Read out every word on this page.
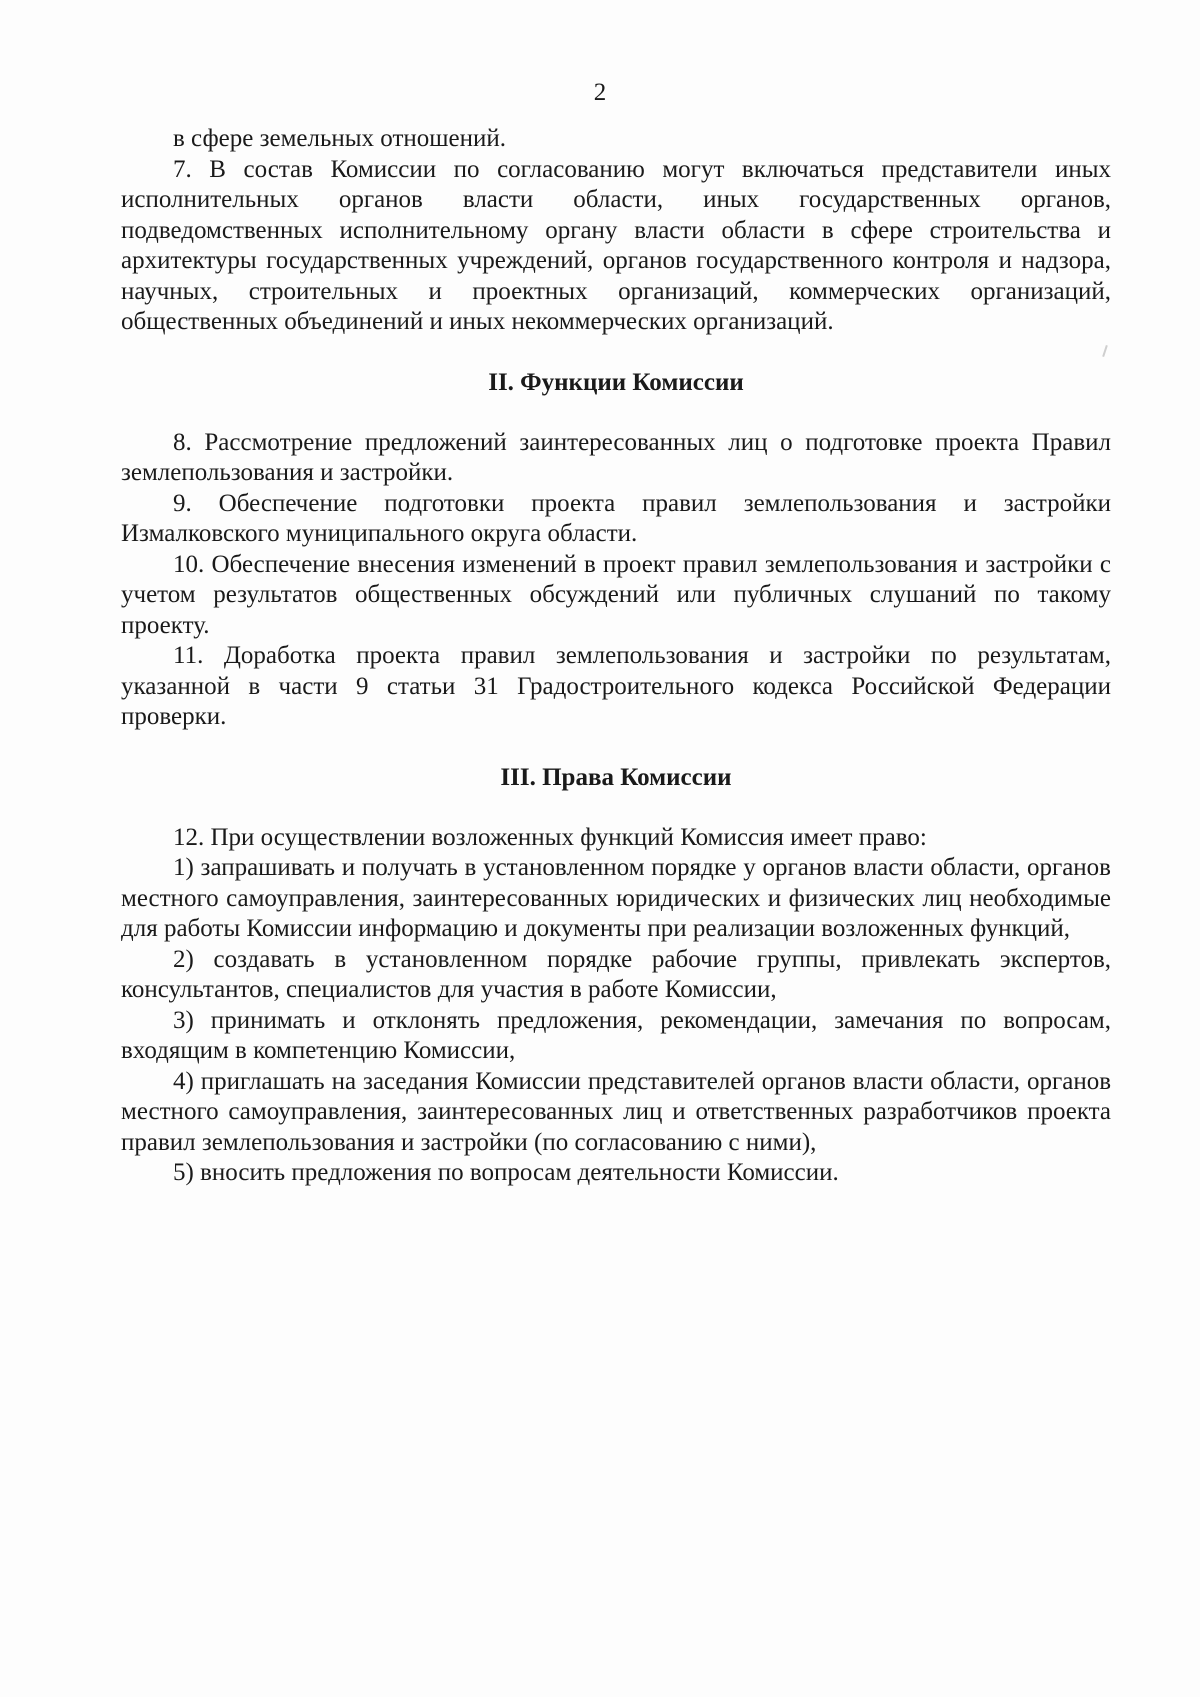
2

в сфере земельных отношений.

7. В состав Комиссии по согласованию могут включаться представители иных исполнительных органов власти области, иных государственных органов, подведомственных исполнительному органу власти области в сфере строительства и архитектуры государственных учреждений, органов государственного контроля и надзора, научных, строительных и проектных организаций, коммерческих организаций, общественных объединений и иных некоммерческих организаций.

II. Функции Комиссии

8. Рассмотрение предложений заинтересованных лиц о подготовке проекта Правил землепользования и застройки.

9. Обеспечение подготовки проекта правил землепользования и застройки Измалковского муниципального округа области.

10. Обеспечение внесения изменений в проект правил землепользования и застройки с учетом результатов общественных обсуждений или публичных слушаний по такому проекту.

11. Доработка проекта правил землепользования и застройки по результатам, указанной в части 9 статьи 31 Градостроительного кодекса Российской Федерации проверки.

III. Права Комиссии

12. При осуществлении возложенных функций Комиссия имеет право:

1) запрашивать и получать в установленном порядке у органов власти области, органов местного самоуправления, заинтересованных юридических и физических лиц необходимые для работы Комиссии информацию и документы при реализации возложенных функций,

2) создавать в установленном порядке рабочие группы, привлекать экспертов, консультантов, специалистов для участия в работе Комиссии,

3) принимать и отклонять предложения, рекомендации, замечания по вопросам, входящим в компетенцию Комиссии,

4) приглашать на заседания Комиссии представителей органов власти области, органов местного самоуправления, заинтересованных лиц и ответственных разработчиков проекта правил землепользования и застройки (по согласованию с ними),

5) вносить предложения по вопросам деятельности Комиссии.
